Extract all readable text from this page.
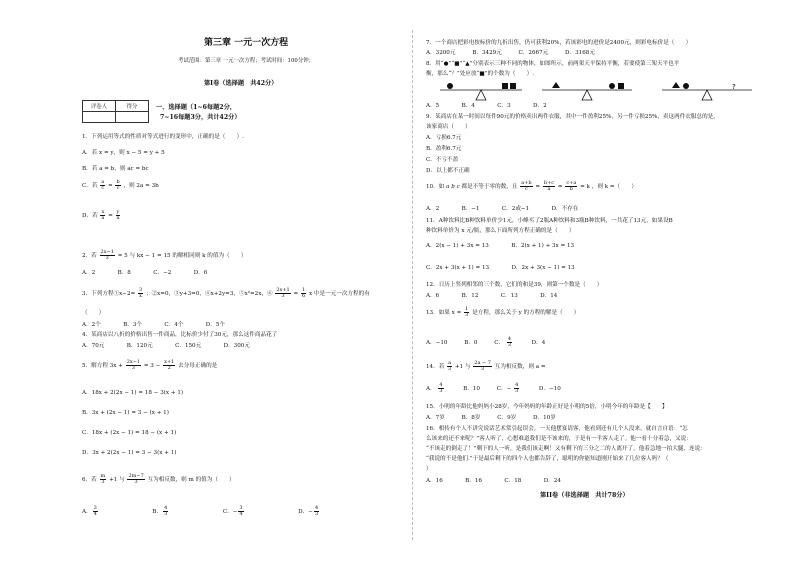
第三章 一元一次方程
考试范围：第三章 一元一次方程；考试时间：100分钟；
第I卷（选择题　共42分）
评卷人	得分
		一、选择题（1~6每题2分，
7~16每题3分，共计42分）
1．下列运用等式的性质对等式进行的变形中，正确的是（　　）.
A．若 x = y，则 x − 5 = y + 5
B．若 a = b，则 ac = bc
C．若 $\frac{a}{c} = \frac{b}{c}$ ，则 2a = 3b
D．若 $\frac{x}{a} = \frac{y}{a}$
2．若 $\frac{2x-1}{3} = 5$ 与 kx − 1 = 15 的解相同则 k 的值为（　　）
A．2　　　　B．8　　　　C．−2　　　　D．6
3．下列方程①x−2= $\frac{3}{x}$ ；②x=0，③y+3=0，④x+2y=3，⑤x²=2x，⑥ $\frac{2x+1}{3} = \frac{1}{6}$ x 中是一元一次方程的有
（　　）
A．2个　　　　B．3个　　　　C．4个　　　　D．5个
4．某商店以八折的价格出售一件商品，比标价少付了30元，那么这件商品花了
A．70元　　　　B．120元　　　　C．150元　　　　D．300元
5．解方程 $3x + \frac{2x-1}{3} = 3 - \frac{x+1}{2}$ 去分母正确的是
A．18x + 2(2x − 1) = 18 − 3(x + 1)
B．3x + (2x − 1) = 3 − (x + 1)
C．18x + (2x − 1) = 18 − (x + 1)
D．3x + 2(2x − 1) = 3 − 3(x + 1)
6．若 $\frac{m}{3} +1$ 与 $\frac{2m-7}{3}$ 互为相反数，则 m 的值为（　　）
A． $\frac{3}{4}$	B． $\frac{4}{3}$	C．− $\frac{3}{4}$	D．− $\frac{4}{3}$
7．一个商店把彩电按标价的九折出售，仍可获利20%，若该彩电的进价是2400元，则彩电标价是（　　）
A．3200元　　　B．3429元　　　C．2667元　　　D．3168元
8．用“●”“■”“▲”分别表示三种不同的物体，如图所示，前两架天平保持平衡，若要使第三架天平也平
衡，那么“？”处应放“■”的个数为（　　）.
?
A．5　　　　B．4　　　　C．3　　　　D．2
9．某商店在某一时间以每件90元的价格卖出两件衣服，其中一件盈利25%，另一件亏损25%，卖这两件衣服总的是，
该家商店（　　）
A．亏损6.7元
B．盈利6.7元
C．不亏不盈
D．以上都不正确
10．如 a b c 都是不等于零的数，且 $\frac{a+b}{c} = \frac{b+c}{a} = \frac{c+a}{b} = k$ ，则 k =（　　）
A．2　　　　B．−1　　　　C．2或−1　　　　D．不存在
11．A种饮料比B种饮料单价少1元，小峰买了2瓶A种饮料和3瓶B种饮料，一共花了13元，如果设B
种饮料单价为 x 元/瓶，那么下面所列方程正确的是（　　）
A．2(x − 1) + 3x = 13　　　　B．2(x + 1) + 3x = 13
C．2x + 3(x + 1) = 13　　　　D．2x + 3(x − 1) = 13
12．日历上竖列相邻的三个数，它们的和是39，则第一个数是（　　）
A．6　　　　B．12　　　　C．13　　　　D．14
13．如果 $x = \frac{1}{3}$ 是方程，那么关于 y 的方程的解是（　　）
A．−10　　　B．0　　　C． $\frac{4}{3}$ 　　　D．4
14．若 $\frac{a}{3} +1$ 与 $\frac{2a - 7}{3}$ 互为相反数，则 a =
A． $\frac{4}{3}$ 　　　B．10　　　C．− $\frac{4}{3}$ 　　　D．−10
15．小明的年龄比他妈妈小28岁，今年妈妈的年龄正好是小明的5倍，小明今年的年龄是【　　】
A．7岁　　　B．8岁　　　C．9岁　　　D．10岁
16．相传有个人不讲究说话艺术常引起误会。一天他摆宴请客，他看到还有几个人没来，就自言自语：“怎
么该来的还不来呢？”客人听了，心想难道我们是不该来的，于是有一半客人走了。他一看十分着急，又说：
“不该走的倒走了！”剩下的人一听，是我们该走啊！又有剩下的三分之二的人离开了。他着急地一拍大腿，连说：
“我说的不是他们.”于是最后剩下的四个人也都告辞了，聪明的你能知道刚开始来了几位客人吗？（
）
A．16　　　　B．16　　　　C．18　　　　D．24
第II卷（非选择题　共计78分）
